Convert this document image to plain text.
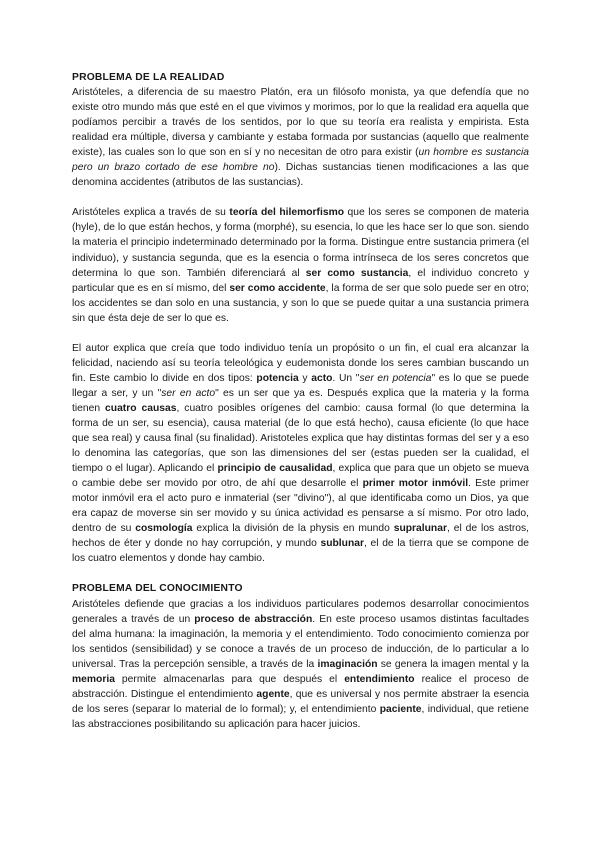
PROBLEMA DE LA REALIDAD

Aristóteles, a diferencia de su maestro Platón, era un filósofo monista, ya que defendía que no existe otro mundo más que esté en el que vivimos y morimos, por lo que la realidad era aquella que podíamos percibir a través de los sentidos, por lo que su teoría era realista y empirista. Esta realidad era múltiple, diversa y cambiante y estaba formada por sustancias (aquello que realmente existe), las cuales son lo que son en sí y no necesitan de otro para existir (un hombre es sustancia pero un brazo cortado de ese hombre no). Dichas sustancias tienen modificaciones a las que denomina accidentes (atributos de las sustancias).

Aristóteles explica a través de su teoría del hilemorfismo que los seres se componen de materia (hyle), de lo que están hechos, y forma (morphé), su esencia, lo que les hace ser lo que son. siendo la materia el principio indeterminado determinado por la forma. Distingue entre sustancia primera (el individuo), y sustancia segunda, que es la esencia o forma intrínseca de los seres concretos que determina lo que son. También diferenciará al ser como sustancia, el individuo concreto y particular que es en sí mismo, del ser como accidente, la forma de ser que solo puede ser en otro; los accidentes se dan solo en una sustancia, y son lo que se puede quitar a una sustancia primera sin que ésta deje de ser lo que es.

El autor explica que creía que todo individuo tenía un propósito o un fin, el cual era alcanzar la felicidad, naciendo así su teoría teleológica y eudemonista donde los seres cambian buscando un fin. Este cambio lo divide en dos tipos: potencia y acto. Un "ser en potencia" es lo que se puede llegar a ser, y un "ser en acto" es un ser que ya es. Después explica que la materia y la forma tienen cuatro causas, cuatro posibles orígenes del cambio: causa formal (lo que determina la forma de un ser, su esencia), causa material (de lo que está hecho), causa eficiente (lo que hace que sea real) y causa final (su finalidad). Aristoteles explica que hay distintas formas del ser y a eso lo denomina las categorías, que son las dimensiones del ser (estas pueden ser la cualidad, el tiempo o el lugar). Aplicando el principio de causalidad, explica que para que un objeto se mueva o cambie debe ser movido por otro, de ahí que desarrolle el primer motor inmóvil. Este primer motor inmóvil era el acto puro e inmaterial (ser "divino"), al que identificaba como un Dios, ya que era capaz de moverse sin ser movido y su única actividad es pensarse a sí mismo. Por otro lado, dentro de su cosmología explica la división de la physis en mundo supralunar, el de los astros, hechos de éter y donde no hay corrupción, y mundo sublunar, el de la tierra que se compone de los cuatro elementos y donde hay cambio.

PROBLEMA DEL CONOCIMIENTO

Aristóteles defiende que gracias a los individuos particulares podemos desarrollar conocimientos generales a través de un proceso de abstracción. En este proceso usamos distintas facultades del alma humana: la imaginación, la memoria y el entendimiento. Todo conocimiento comienza por los sentidos (sensibilidad) y se conoce a través de un proceso de inducción, de lo particular a lo universal. Tras la percepción sensible, a través de la imaginación se genera la imagen mental y la memoria permite almacenarlas para que después el entendimiento realice el proceso de abstracción. Distingue el entendimiento agente, que es universal y nos permite abstraer la esencia de los seres (separar lo material de lo formal); y, el entendimiento paciente, individual, que retiene las abstracciones posibilitando su aplicación para hacer juicios.
